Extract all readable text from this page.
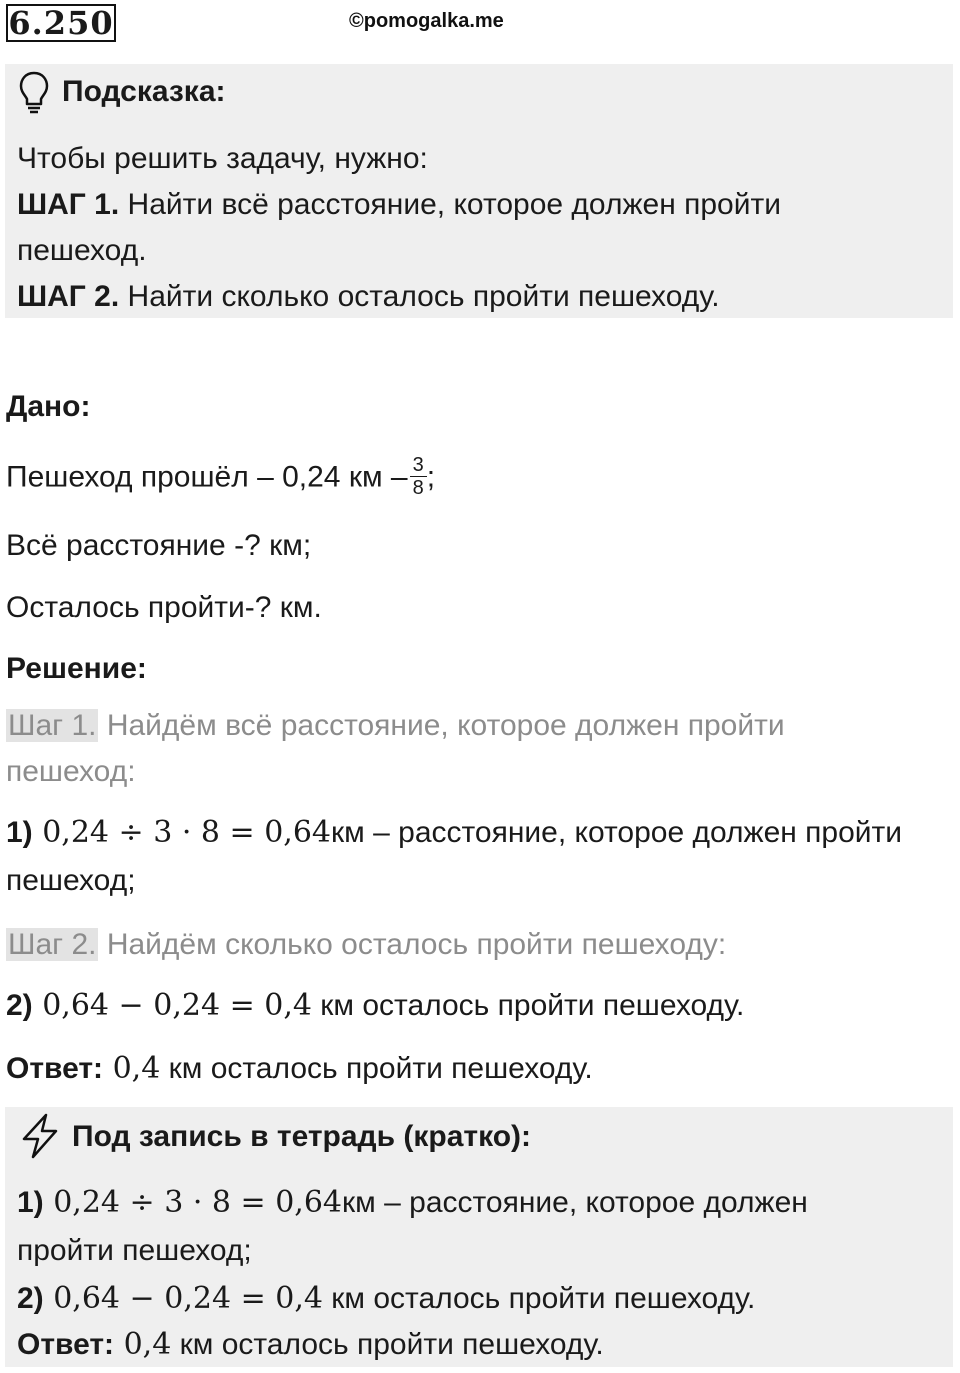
6.250	©pomogalka.me
Подсказка:
Чтобы решить задачу, нужно:
ШАГ 1. Найти всё расстояние, которое должен пройти
пешеход.
ШАГ 2. Найти сколько осталось пройти пешеходу.
Дано:
Пешеход прошёл – 0,24 км – $\frac{3}{8}$ ;
Всё расстояние -? км;
Осталось пройти-? км.
Решение:
Шаг 1. Найдём всё расстояние, которое должен пройти
пешеход:
1) 0,24 ÷ 3 · 8 = 0,64км – расстояние, которое должен пройти
пешеход;
Шаг 2. Найдём сколько осталось пройти пешеходу:
2) 0,64 − 0,24 = 0,4 км осталось пройти пешеходу.
Ответ: 0,4 км осталось пройти пешеходу.
Под запись в тетрадь (кратко):
1) 0,24 ÷ 3 · 8 = 0,64км – расстояние, которое должен
пройти пешеход;
2) 0,64 − 0,24 = 0,4 км осталось пройти пешеходу.
Ответ: 0,4 км осталось пройти пешеходу.
